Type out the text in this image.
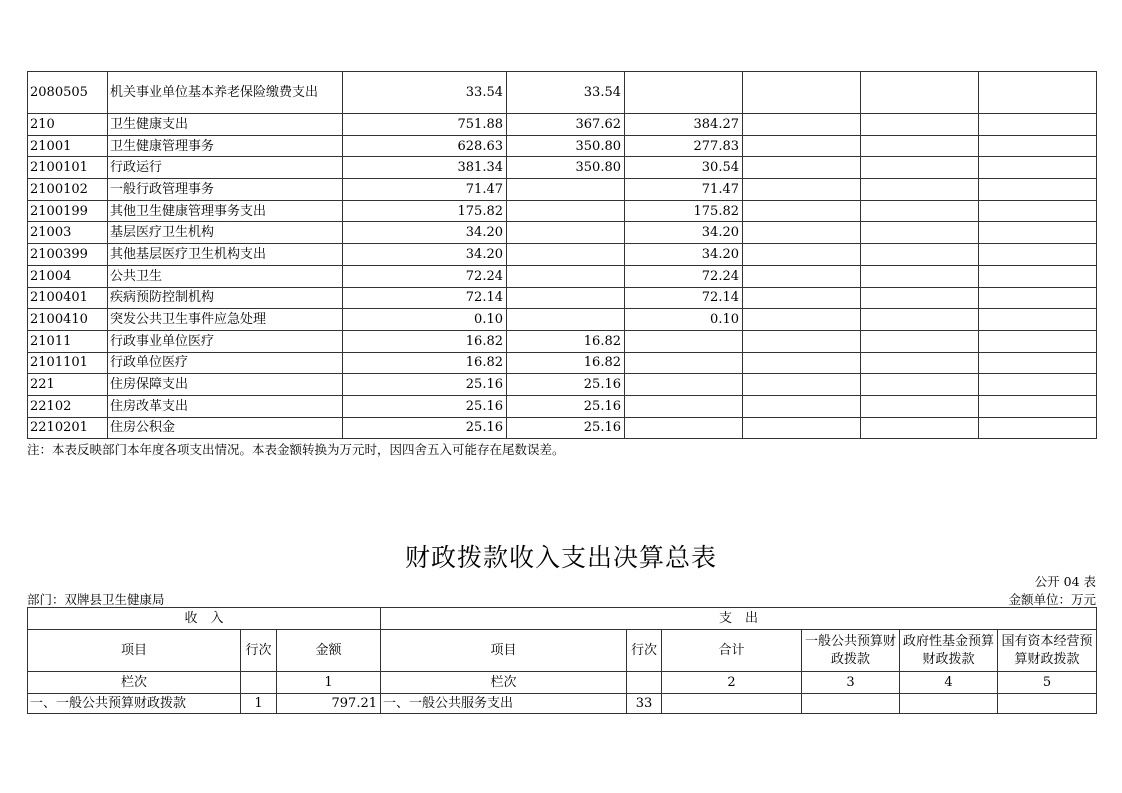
2080505	机关事业单位基本养老保险缴费支出	33.54	33.54				
210	卫生健康支出	751.88	367.62	384.27			
21001	卫生健康管理事务	628.63	350.80	277.83			
2100101	行政运行	381.34	350.80	30.54			
2100102	一般行政管理事务	71.47		71.47			
2100199	其他卫生健康管理事务支出	175.82		175.82			
21003	基层医疗卫生机构	34.20		34.20			
2100399	其他基层医疗卫生机构支出	34.20		34.20			
21004	公共卫生	72.24		72.24			
2100401	疾病预防控制机构	72.14		72.14			
2100410	突发公共卫生事件应急处理	0.10		0.10			
21011	行政事业单位医疗	16.82	16.82				
2101101	行政单位医疗	16.82	16.82				
221	住房保障支出	25.16	25.16				
22102	住房改革支出	25.16	25.16				
2210201	住房公积金	25.16	25.16				
注：本表反映部门本年度各项支出情况。本表金额转换为万元时，因四舍五入可能存在尾数误差。
财政拨款收入支出决算总表
公开 04 表
部门：双牌县卫生健康局	金额单位：万元
收　入			支　出					
项目	行次	金额	项目	行次	合计	一般公共预算财政拨款	政府性基金预算财政拨款	国有资本经营预算财政拨款
栏次		1	栏次		2	3	4	5
一、一般公共预算财政拨款	1	797.21	一、一般公共服务支出	33				
